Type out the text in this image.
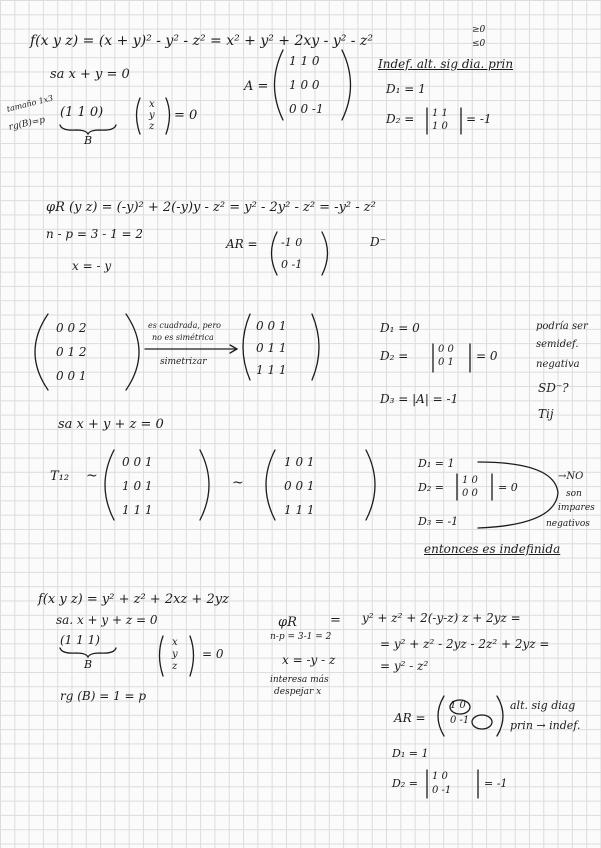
f(x y z) = (x + y)² - y² - z² = x² + y² + 2xy - y² - z²
≥0
≤0
sa x + y = 0
tamaño 1x3
rg(B)=p
(1 1 0)
B
x
y
z
= 0
A =
1 1 0
1 0 0
0 0 -1
Indef. alt. sig dia. prin
D₁ = 1
D₂ = 1 1
1 0
= -1
φR (y z) = (-y)² + 2(-y)y - z² = y² - 2y² - z² = -y² - z²
n - p = 3 - 1 = 2
x = - y
AR = -1 0
0 -1
D⁻
0 0 2
0 1 2
0 0 1
es cuadrada, pero
no es simétrica
simetrizar
0 0 1
0 1 1
1 1 1
D₁ = 0
D₂ =	0 0
0 1 = 0
D₃ = |A| = -1
podría ser
semidef.
negativa
SD⁻?
Tij
sa x + y + z = 0
T₁₂ ~
0 0 1
1 0 1
1 1 1
~
1 0 1
0 0 1
1 1 1
D₁ = 1
D₂ =
1 0
0 0 = 0
D₃ = -1
→NO
son
impares
negativos
entonces es indefinida
f(x y z) = y² + z² + 2xz + 2yz
sa. x + y + z = 0
(1 1 1)
B
x
y
z
= 0
rg (B) = 1 = p
φR	=
n-p = 3-1 = 2
x = -y - z
interesa más
despejar x
y² + z² + 2(-y-z) z + 2yz =
= y² + z² - 2yz - 2z² + 2yz =
= y² - z²
AR =
1 0
0 -1
alt. sig diag
prin → indef.
D₁ = 1
D₂ =
1 0
0 -1
= -1
